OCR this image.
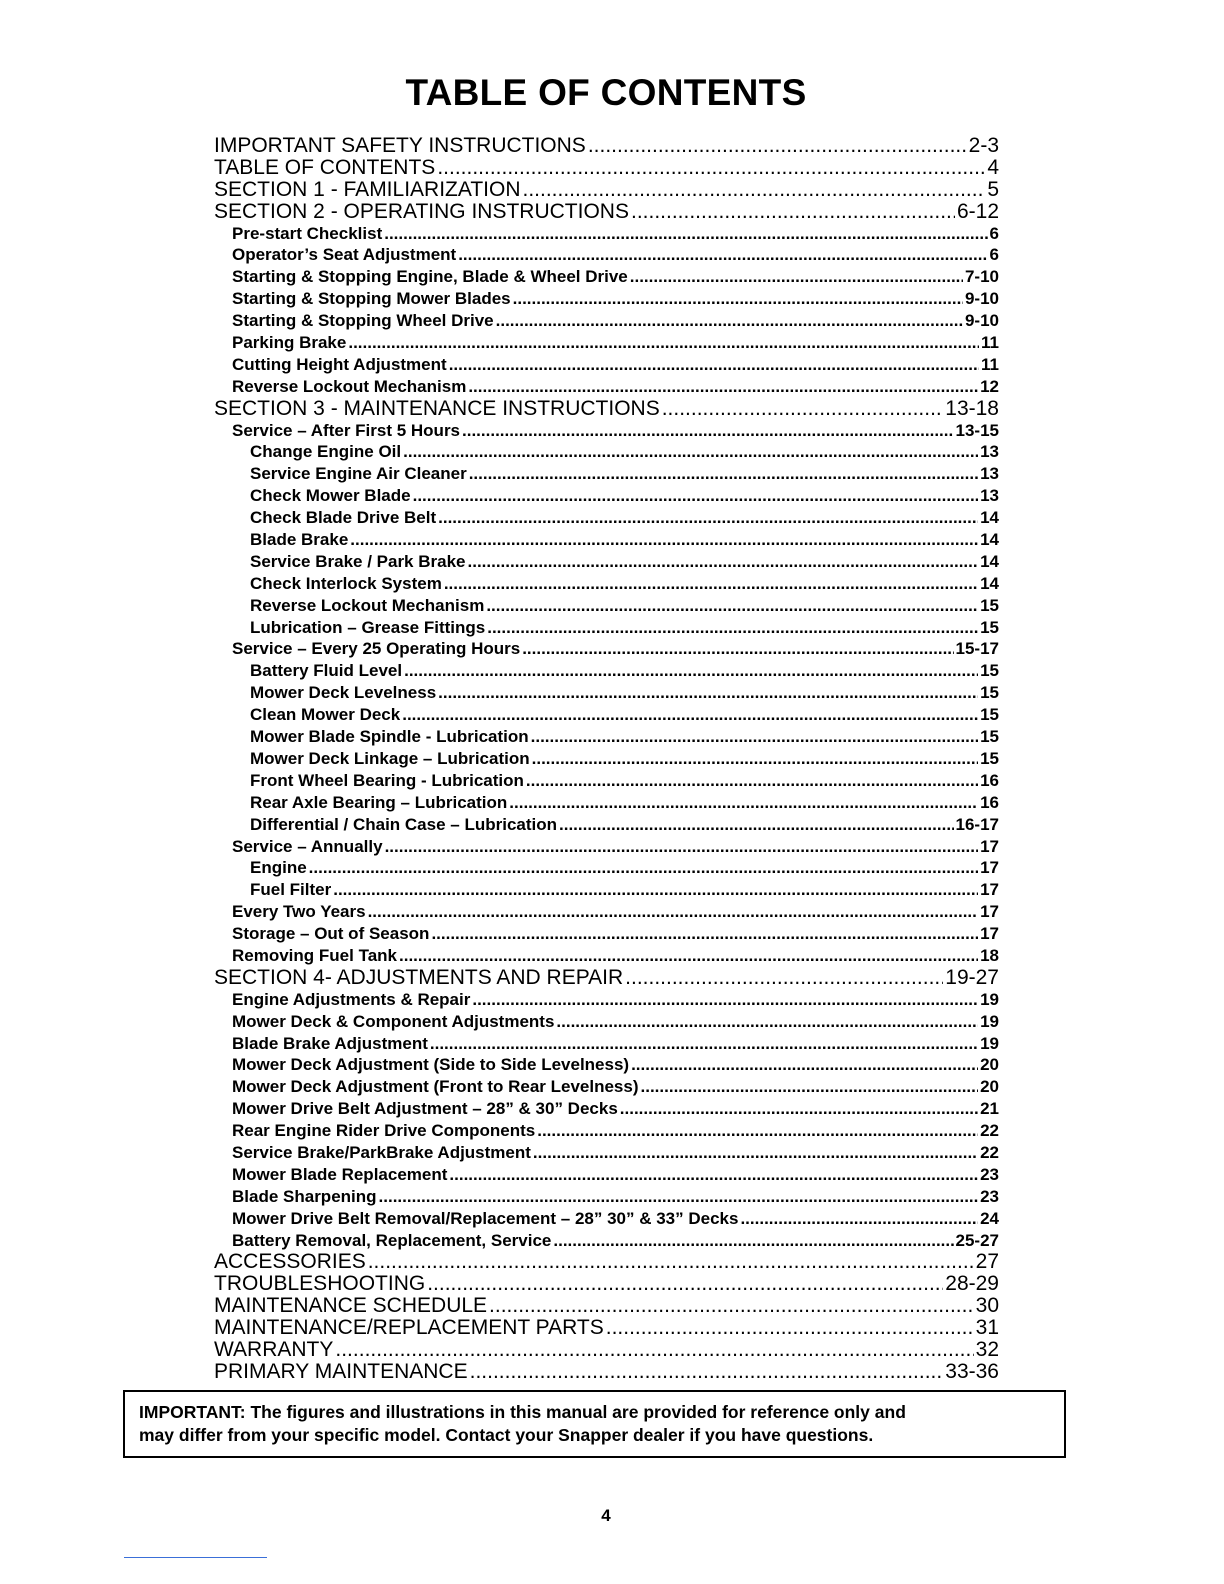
TABLE OF CONTENTS
IMPORTANT SAFETY INSTRUCTIONS .....	2-3
TABLE OF CONTENTS .....	4
SECTION 1 - FAMILIARIZATION .....	5
SECTION 2 - OPERATING INSTRUCTIONS .....	6-12
Pre-start Checklist .....	6
Operator’s Seat Adjustment .....	6
Starting & Stopping Engine, Blade & Wheel Drive .....	7-10
Starting & Stopping Mower Blades .....	9-10
Starting & Stopping Wheel Drive .....	9-10
Parking Brake .....	11
Cutting Height Adjustment .....	11
Reverse Lockout Mechanism .....	12
SECTION 3 - MAINTENANCE INSTRUCTIONS .....	13-18
Service – After First 5 Hours .....	13-15
Change Engine Oil .....	13
Service Engine Air Cleaner .....	13
Check Mower Blade .....	13
Check Blade Drive Belt .....	14
Blade Brake .....	14
Service Brake / Park Brake .....	14
Check Interlock System .....	14
Reverse Lockout Mechanism .....	15
Lubrication – Grease Fittings .....	15
Service – Every 25 Operating Hours .....	15-17
Battery Fluid Level .....	15
Mower Deck Levelness .....	15
Clean Mower Deck .....	15
Mower Blade Spindle - Lubrication .....	15
Mower Deck Linkage – Lubrication .....	15
Front Wheel Bearing - Lubrication .....	16
Rear Axle Bearing – Lubrication .....	16
Differential / Chain Case – Lubrication .....	16-17
Service – Annually .....	17
Engine .....	17
Fuel Filter .....	17
Every Two Years .....	17
Storage – Out of Season .....	17
Removing Fuel Tank .....	18
SECTION 4- ADJUSTMENTS AND REPAIR .....	19-27
Engine Adjustments & Repair .....	19
Mower Deck & Component Adjustments .....	19
Blade Brake Adjustment .....	19
Mower Deck Adjustment (Side to Side Levelness) .....	20
Mower Deck Adjustment (Front to Rear Levelness) .....	20
Mower Drive Belt Adjustment – 28” & 30” Decks .....	21
Rear Engine Rider Drive Components .....	22
Service Brake/ParkBrake Adjustment .....	22
Mower Blade Replacement .....	23
Blade Sharpening .....	23
Mower Drive Belt Removal/Replacement – 28” 30” & 33” Decks .....	24
Battery Removal, Replacement, Service .....	25-27
ACCESSORIES .....	27
TROUBLESHOOTING .....	28-29
MAINTENANCE SCHEDULE .....	30
MAINTENANCE/REPLACEMENT PARTS .....	31
WARRANTY .....	32
PRIMARY MAINTENANCE .....	33-36
IMPORTANT: The figures and illustrations in this manual are provided for reference only and
may differ from your specific model. Contact your Snapper dealer if you have questions.
4
